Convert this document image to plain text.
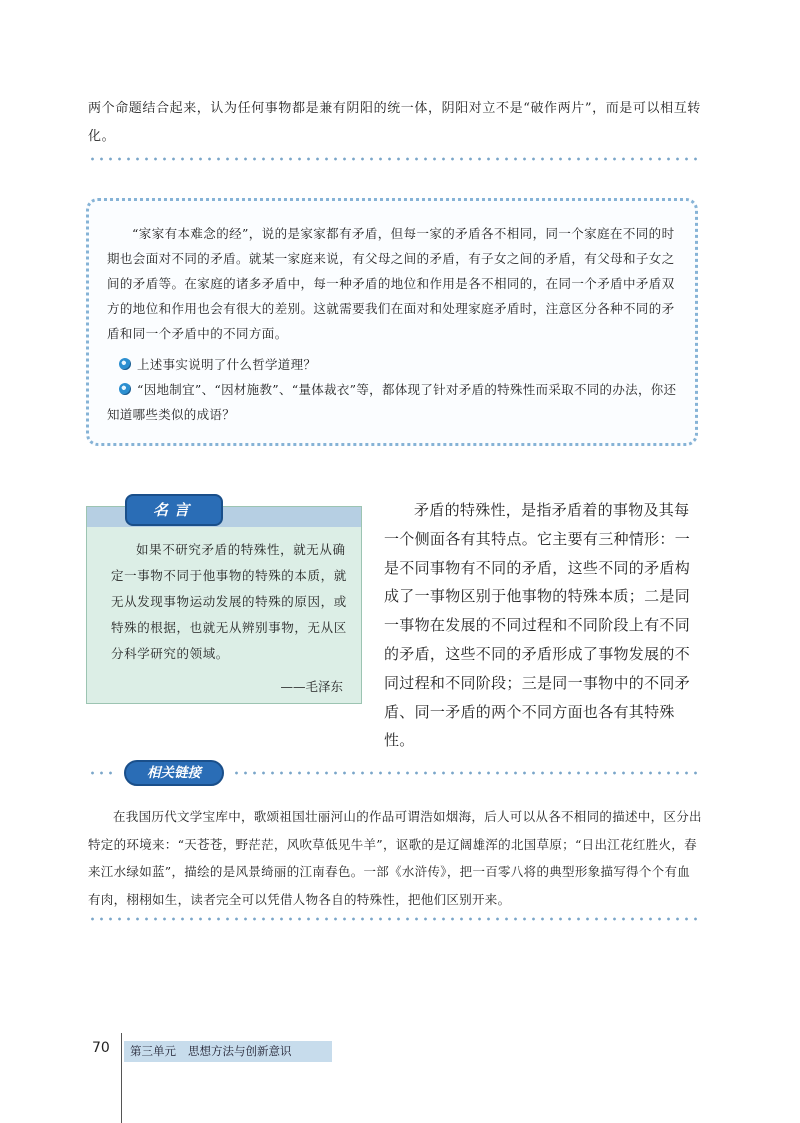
两个命题结合起来，认为任何事物都是兼有阴阳的统一体，阴阳对立不是“破作两片”，而是可以相互转化。

“家家有本难念的经”，说的是家家都有矛盾，但每一家的矛盾各不相同，同一个家庭在不同的时期也会面对不同的矛盾。就某一家庭来说，有父母之间的矛盾，有子女之间的矛盾，有父母和子女之间的矛盾等。在家庭的诸多矛盾中，每一种矛盾的地位和作用是各不相同的，在同一个矛盾中矛盾双方的地位和作用也会有很大的差别。这就需要我们在面对和处理家庭矛盾时，注意区分各种不同的矛盾和同一个矛盾中的不同方面。

上述事实说明了什么哲学道理？

“因地制宜”、“因材施教”、“量体裁衣”等，都体现了针对矛盾的特殊性而采取不同的办法，你还知道哪些类似的成语？

名言

如果不研究矛盾的特殊性，就无从确定一事物不同于他事物的特殊的本质，就无从发现事物运动发展的特殊的原因，或特殊的根据，也就无从辨别事物，无从区分科学研究的领域。

——毛泽东

矛盾的特殊性，是指矛盾着的事物及其每一个侧面各有其特点。它主要有三种情形：一是不同事物有不同的矛盾，这些不同的矛盾构成了一事物区别于他事物的特殊本质；二是同一事物在发展的不同过程和不同阶段上有不同的矛盾，这些不同的矛盾形成了事物发展的不同过程和不同阶段；三是同一事物中的不同矛盾、同一矛盾的两个不同方面也各有其特殊性。

相关链接

在我国历代文学宝库中，歌颂祖国壮丽河山的作品可谓浩如烟海，后人可以从各不相同的描述中，区分出特定的环境来：“天苍苍，野茫茫，风吹草低见牛羊”，讴歌的是辽阔雄浑的北国草原；“日出江花红胜火，春来江水绿如蓝”，描绘的是风景绮丽的江南春色。一部《水浒传》，把一百零八将的典型形象描写得个个有血有肉，栩栩如生，读者完全可以凭借人物各自的特殊性，把他们区别开来。

70	第三单元 思想方法与创新意识
